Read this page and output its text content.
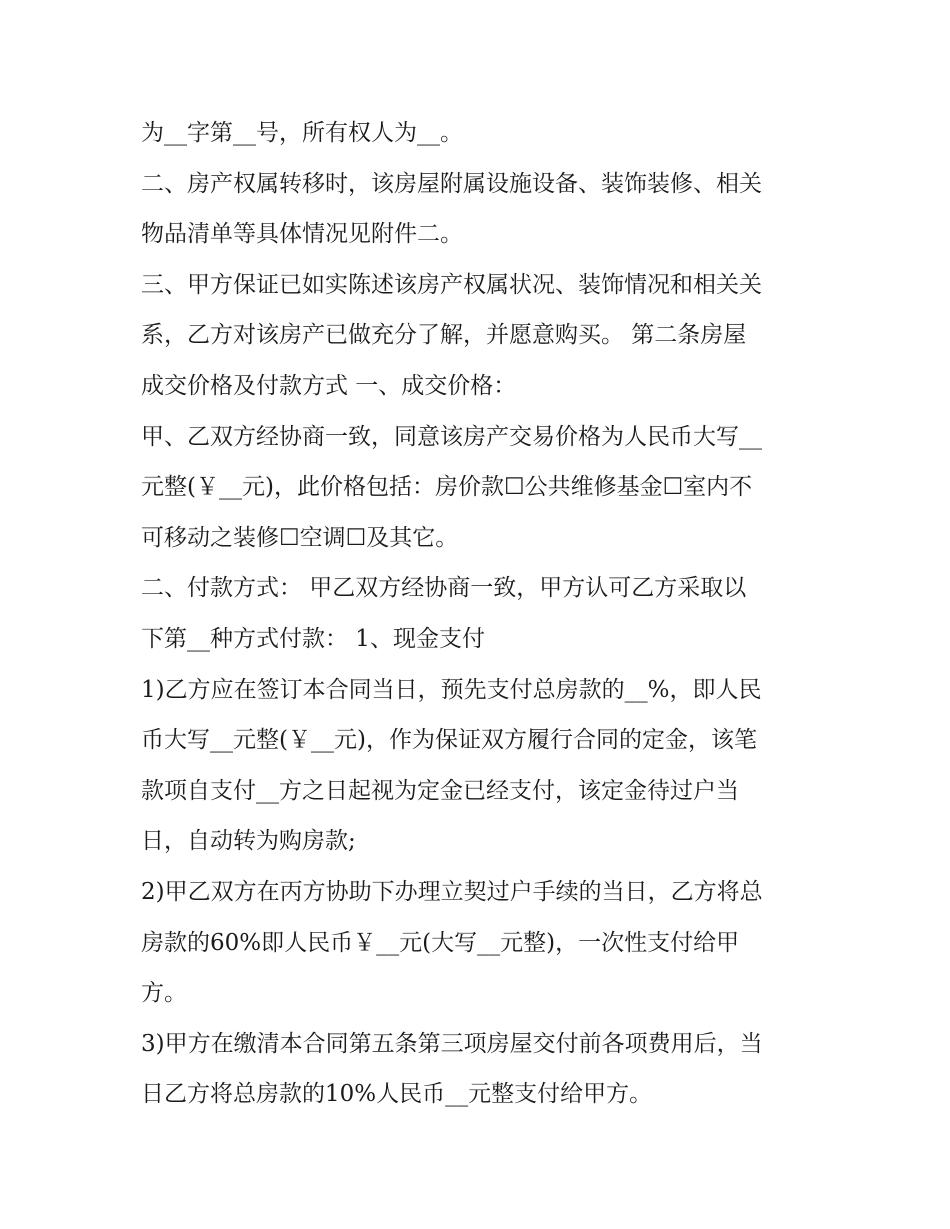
为__字第__号，所有权人为__。
二、房产权属转移时，该房屋附属设施设备、装饰装修、相关
物品清单等具体情况见附件二。
三、甲方保证已如实陈述该房产权属状况、装饰情况和相关关
系，乙方对该房产已做充分了解，并愿意购买。 第二条房屋
成交价格及付款方式 一、成交价格：
甲、乙双方经协商一致，同意该房产交易价格为人民币大写__
元整(￥__元)，此价格包括：房价款☐公共维修基金☐室内不
可移动之装修☐空调☐及其它。
二、付款方式： 甲乙双方经协商一致，甲方认可乙方采取以
下第__种方式付款： 1、现金支付
1)乙方应在签订本合同当日，预先支付总房款的__%，即人民
币大写__元整(￥__元)，作为保证双方履行合同的定金，该笔
款项自支付__方之日起视为定金已经支付，该定金待过户当
日，自动转为购房款;
2)甲乙双方在丙方协助下办理立契过户手续的当日，乙方将总
房款的60%即人民币￥__元(大写__元整)，一次性支付给甲
方。
3)甲方在缴清本合同第五条第三项房屋交付前各项费用后，当
日乙方将总房款的10%人民币__元整支付给甲方。
